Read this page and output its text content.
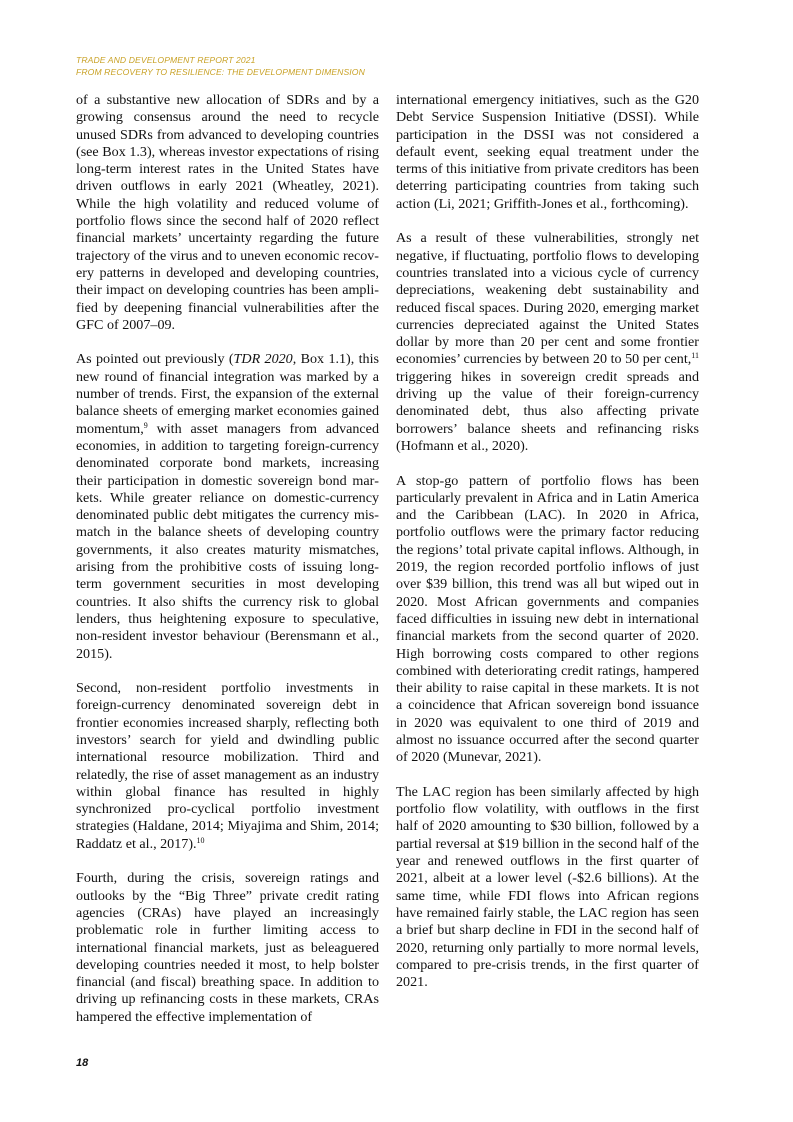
TRADE AND DEVELOPMENT REPORT 2021
FROM RECOVERY TO RESILIENCE: THE DEVELOPMENT DIMENSION

of a substantive new allocation of SDRs and by a growing consensus around the need to recycle unused SDRs from advanced to developing countries (see Box 1.3), whereas investor expectations of rising long-term interest rates in the United States have driven outflows in early 2021 (Wheatley, 2021). While the high volatility and reduced volume of portfolio flows since the second half of 2020 reflect financial markets’ uncertainty regarding the future trajectory of the virus and to uneven economic recovery patterns in developed and developing countries, their impact on developing countries has been amplified by deepening financial vulnerabilities after the GFC of 2007–09.

As pointed out previously (TDR 2020, Box 1.1), this new round of financial integration was marked by a number of trends. First, the expansion of the external balance sheets of emerging market economies gained momentum,$^9$ with asset managers from advanced economies, in addition to targeting foreign-currency denominated corporate bond markets, increasing their participation in domestic sovereign bond markets. While greater reliance on domestic-currency denominated public debt mitigates the currency mismatch in the balance sheets of developing country governments, it also creates maturity mismatches, arising from the prohibitive costs of issuing long-term government securities in most developing countries. It also shifts the currency risk to global lenders, thus heightening exposure to speculative, non-resident investor behaviour (Berensmann et al., 2015).

Second, non-resident portfolio investments in foreign-currency denominated sovereign debt in frontier economies increased sharply, reflecting both investors’ search for yield and dwindling public international resource mobilization. Third and relatedly, the rise of asset management as an industry within global finance has resulted in highly synchronized pro-cyclical portfolio investment strategies (Haldane, 2014; Miyajima and Shim, 2014; Raddatz et al., 2017).$^{10}$

Fourth, during the crisis, sovereign ratings and outlooks by the “Big Three” private credit rating agencies (CRAs) have played an increasingly problematic role in further limiting access to international financial markets, just as beleaguered developing countries needed it most, to help bolster financial (and fiscal) breathing space. In addition to driving up refinancing costs in these markets, CRAs hampered the effective implementation of

international emergency initiatives, such as the G20 Debt Service Suspension Initiative (DSSI). While participation in the DSSI was not considered a default event, seeking equal treatment under the terms of this initiative from private creditors has been deterring participating countries from taking such action (Li, 2021; Griffith-Jones et al., forthcoming).

As a result of these vulnerabilities, strongly net negative, if fluctuating, portfolio flows to developing countries translated into a vicious cycle of currency depreciations, weakening debt sustainability and reduced fiscal spaces. During 2020, emerging market currencies depreciated against the United States dollar by more than 20 per cent and some frontier economies’ currencies by between 20 to 50 per cent,$^{11}$ triggering hikes in sovereign credit spreads and driving up the value of their foreign-currency denominated debt, thus also affecting private borrowers’ balance sheets and refinancing risks (Hofmann et al., 2020).

A stop-go pattern of portfolio flows has been particularly prevalent in Africa and in Latin America and the Caribbean (LAC). In 2020 in Africa, portfolio outflows were the primary factor reducing the regions’ total private capital inflows. Although, in 2019, the region recorded portfolio inflows of just over $39 billion, this trend was all but wiped out in 2020. Most African governments and companies faced difficulties in issuing new debt in international financial markets from the second quarter of 2020. High borrowing costs compared to other regions combined with deteriorating credit ratings, hampered their ability to raise capital in these markets. It is not a coincidence that African sovereign bond issuance in 2020 was equivalent to one third of 2019 and almost no issuance occurred after the second quarter of 2020 (Munevar, 2021).

The LAC region has been similarly affected by high portfolio flow volatility, with outflows in the first half of 2020 amounting to $30 billion, followed by a partial reversal at $19 billion in the second half of the year and renewed outflows in the first quarter of 2021, albeit at a lower level (-$2.6 billions). At the same time, while FDI flows into African regions have remained fairly stable, the LAC region has seen a brief but sharp decline in FDI in the second half of 2020, returning only partially to more normal levels, compared to pre-crisis trends, in the first quarter of 2021.

18
